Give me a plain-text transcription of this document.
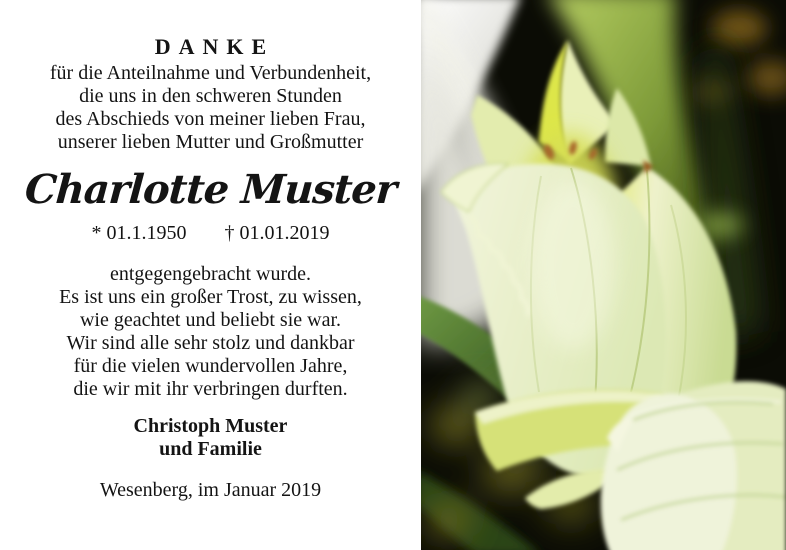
DANKE
für die Anteilnahme und Verbundenheit,
die uns in den schweren Stunden
des Abschieds von meiner lieben Frau,
unserer lieben Mutter und Großmutter
Charlotte Muster
* 01.1.1950 † 01.01.2019
entgegengebracht wurde.
Es ist uns ein großer Trost, zu wissen,
wie geachtet und beliebt sie war.
Wir sind alle sehr stolz und dankbar
für die vielen wundervollen Jahre,
die wir mit ihr verbringen durften.
Christoph Muster
und Familie
Wesenberg, im Januar 2019
